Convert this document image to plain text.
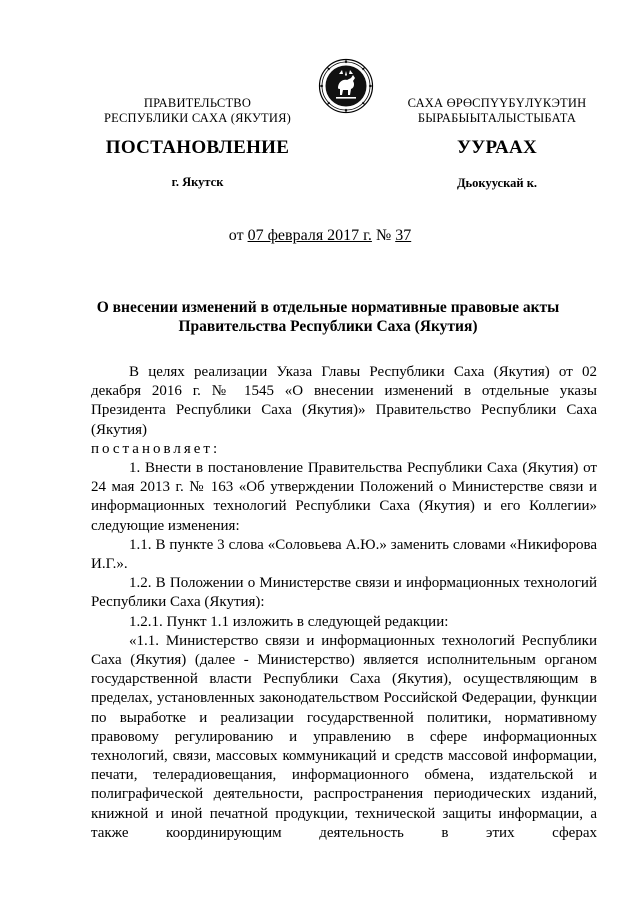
ПРАВИТЕЛЬСТВО
РЕСПУБЛИКИ САХА (ЯКУТИЯ)
САХА ӨРӨСПҮҮБҮЛҮКЭТИН
БЫРАБЫЫТАЛЫСТЫБАТА
ПОСТАНОВЛЕНИЕ	УУРААХ
г. Якутск	Дьокуускай к.
от 07 февраля 2017 г. № 37
О внесении изменений в отдельные нормативные правовые акты
Правительства Республики Саха (Якутия)

В целях реализации Указа Главы Республики Саха (Якутия) от 02 декабря 2016 г. № 1545 «О внесении изменений в отдельные указы Президента Республики Саха (Якутия)» Правительство Республики Саха (Якутия)
постановляет:

1. Внести в постановление Правительства Республики Саха (Якутия) от 24 мая 2013 г. № 163 «Об утверждении Положений о Министерстве связи и информационных технологий Республики Саха (Якутия) и его Коллегии» следующие изменения:

1.1. В пункте 3 слова «Соловьева А.Ю.» заменить словами «Никифорова И.Г.».

1.2. В Положении о Министерстве связи и информационных технологий Республики Саха (Якутия):

1.2.1. Пункт 1.1 изложить в следующей редакции:

«1.1. Министерство связи и информационных технологий Республики Саха (Якутия) (далее - Министерство) является исполнительным органом государственной власти Республики Саха (Якутия), осуществляющим в пределах, установленных законодательством Российской Федерации, функции по выработке и реализации государственной политики, нормативному правовому регулированию и управлению в сфере информационных технологий, связи, массовых коммуникаций и средств массовой информации, печати, телерадиовещания, информационного обмена, издательской и полиграфической деятельности, распространения периодических изданий, книжной и иной печатной продукции, технической защиты информации, а также координирующим деятельность в этих сферах
